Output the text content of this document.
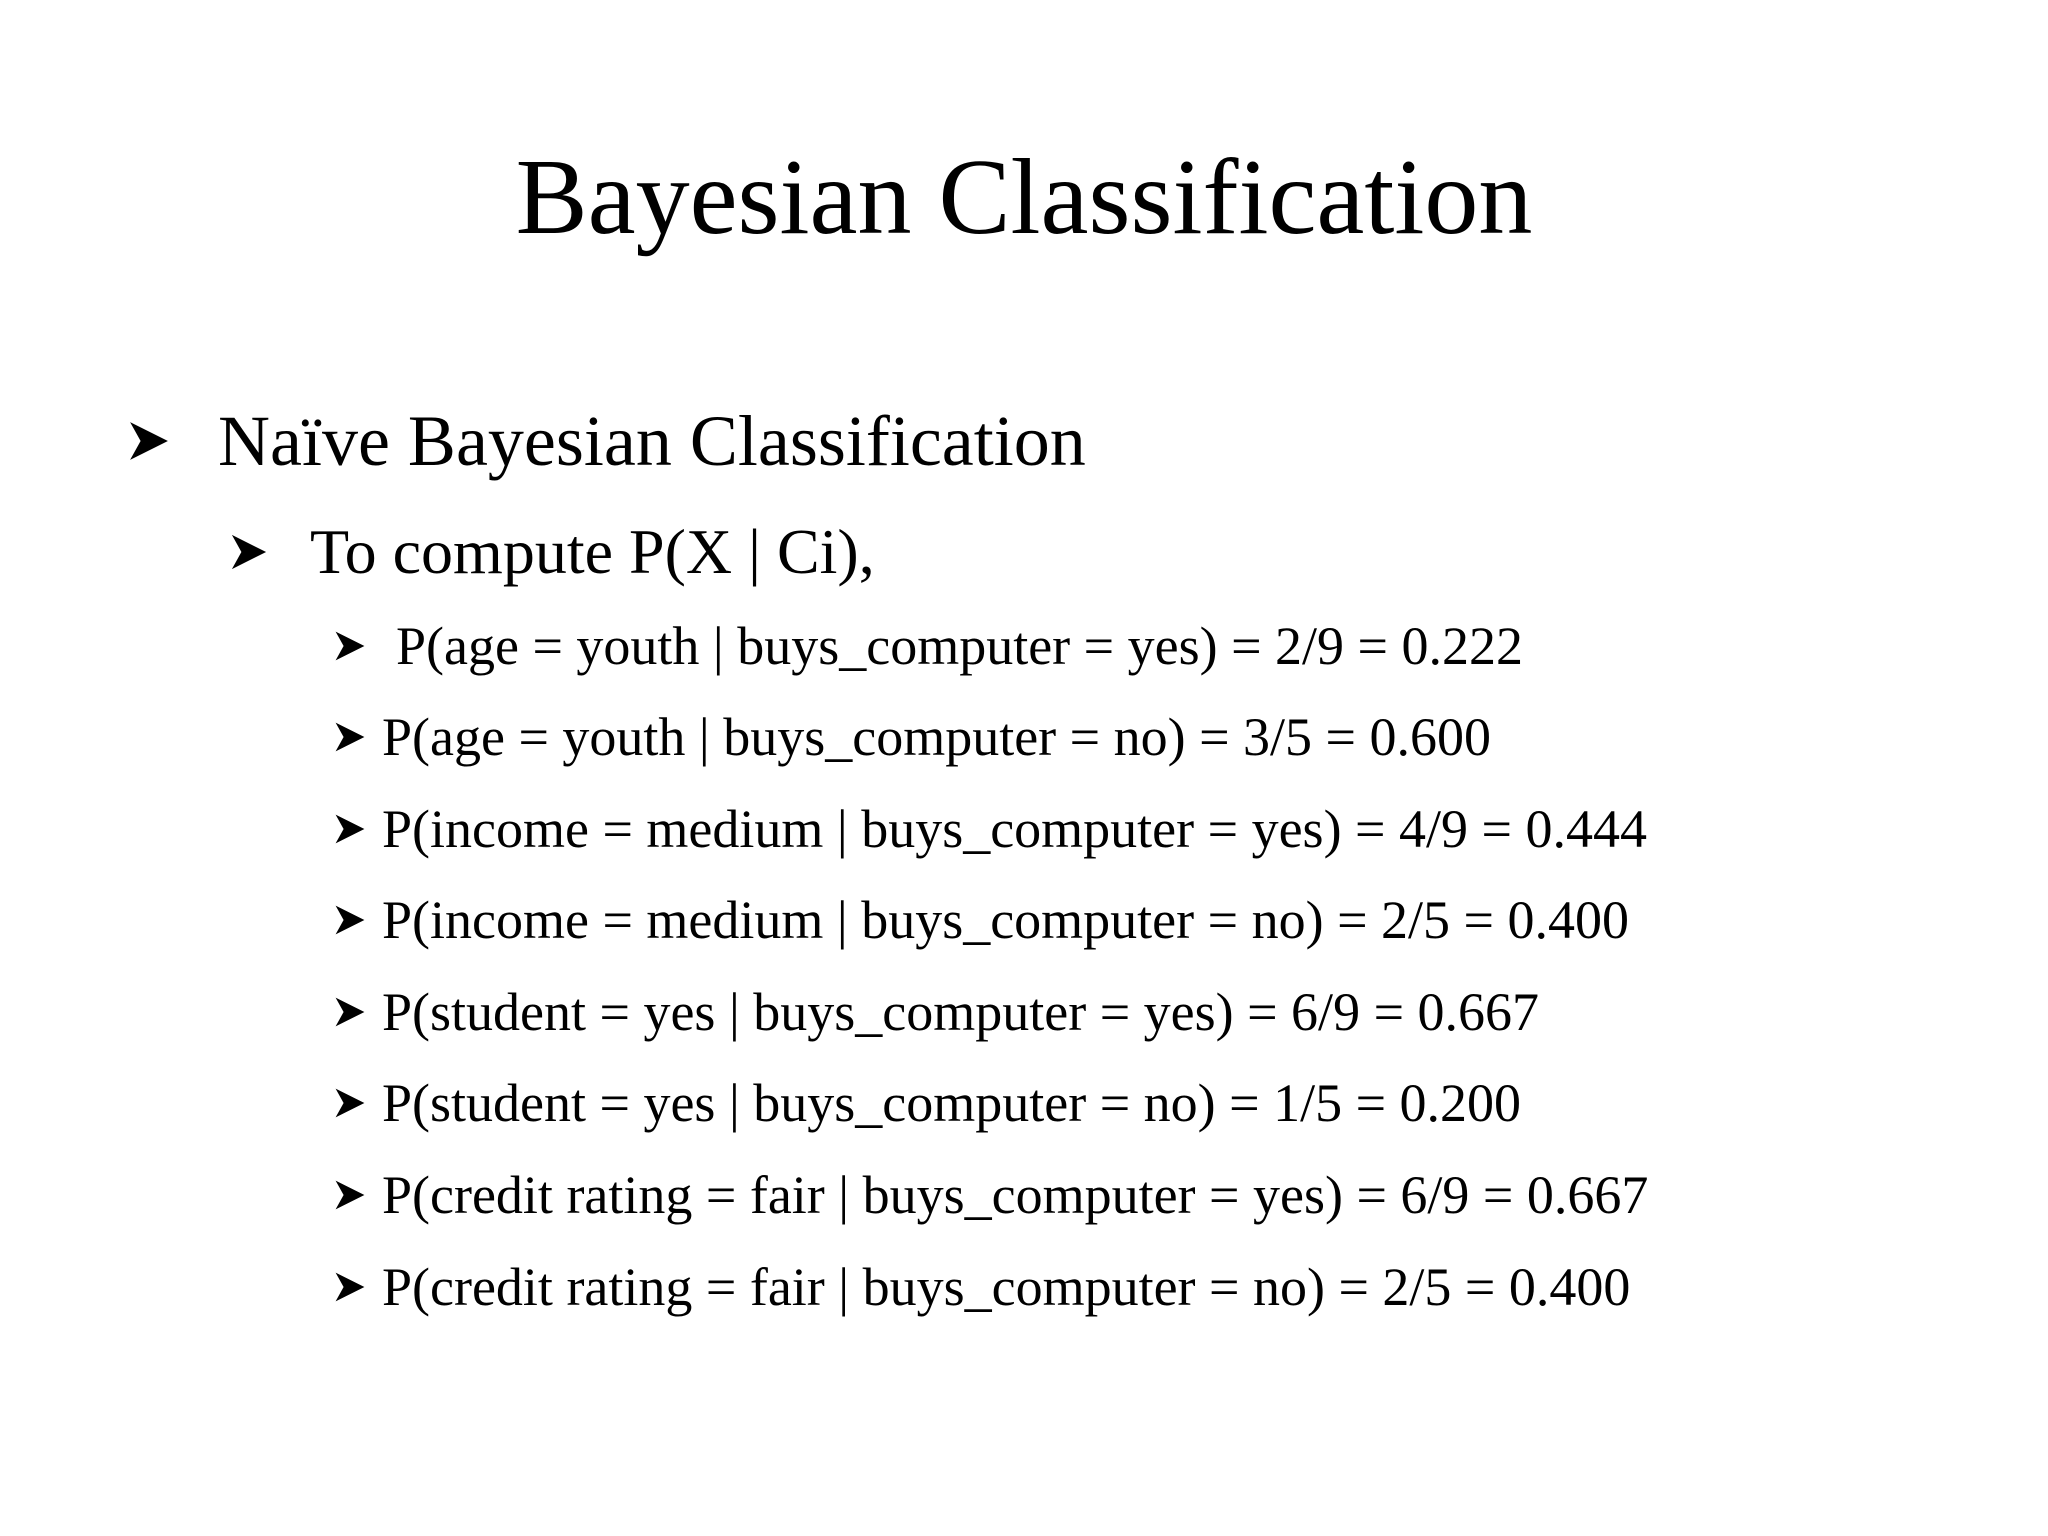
Bayesian Classification
Naïve Bayesian Classification
To compute P(X | Ci),
P(age = youth | buys_computer = yes) = 2/9 = 0.222
P(age = youth | buys_computer = no) = 3/5 = 0.600
P(income = medium | buys_computer = yes) = 4/9 = 0.444
P(income = medium | buys_computer = no) = 2/5 = 0.400
P(student = yes | buys_computer = yes) = 6/9 = 0.667
P(student = yes | buys_computer = no) = 1/5 = 0.200
P(credit rating = fair | buys_computer = yes) = 6/9 = 0.667
P(credit rating = fair | buys_computer = no) = 2/5 = 0.400
